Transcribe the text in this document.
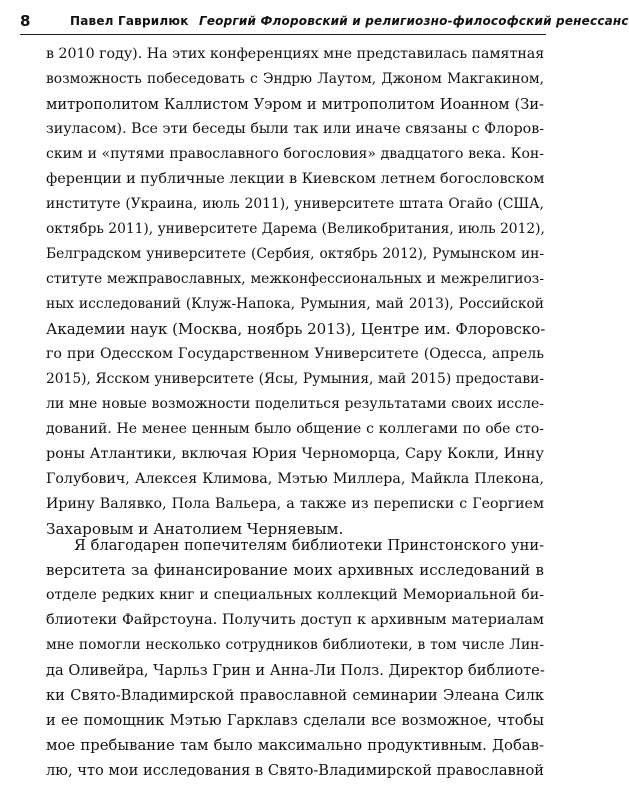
8	Павел Гаврилюк Георгий Флоровский и религиозно-философский ренессанс
в 2010 году). На этих конференциях мне представилась памятная
возможность побеседовать с Эндрю Лаутом, Джоном Макгакином,
митрополитом Каллистом Уэром и митрополитом Иоанном (Зи-
зиуласом). Все эти беседы были так или иначе связаны с Флоров-
ским и «путями православного богословия» двадцатого века. Кон-
ференции и публичные лекции в Киевском летнем богословском
институте (Украина, июль 2011), университете штата Огайо (США,
октябрь 2011), университете Дарема (Великобритания, июль 2012),
Белградском университете (Сербия, октябрь 2012), Румынском ин-
ституте межправославных, межконфессиональных и межрелигиоз-
ных исследований (Клуж-Напока, Румыния, май 2013), Российской
Академии наук (Москва, ноябрь 2013), Центре им. Флоровско-
го при Одесском Государственном Университете (Одесса, апрель
2015), Ясском университете (Ясы, Румыния, май 2015) предостави-
ли мне новые возможности поделиться результатами своих иссле-
дований. Не менее ценным было общение с коллегами по обе сто-
роны Атлантики, включая Юрия Черноморца, Сару Кокли, Инну
Голубович, Алексея Климова, Мэтью Миллера, Майкла Плекона,
Ирину Валявко, Пола Вальера, а также из переписки с Георгием
Захаровым и Анатолием Черняевым.
Я благодарен попечителям библиотеки Принстонского уни-
верситета за финансирование моих архивных исследований в
отделе редких книг и специальных коллекций Мемориальной би-
блиотеки Файрстоуна. Получить доступ к архивным материалам
мне помогли несколько сотрудников библиотеки, в том числе Лин-
да Оливейра, Чарльз Грин и Анна-Ли Полз. Директор библиоте-
ки Свято-Владимирской православной семинарии Элеана Силк
и ее помощник Мэтью Гарклавз сделали все возможное, чтобы
мое пребывание там было максимально продуктивным. Добав-
лю, что мои исследования в Свято-Владимирской православной
